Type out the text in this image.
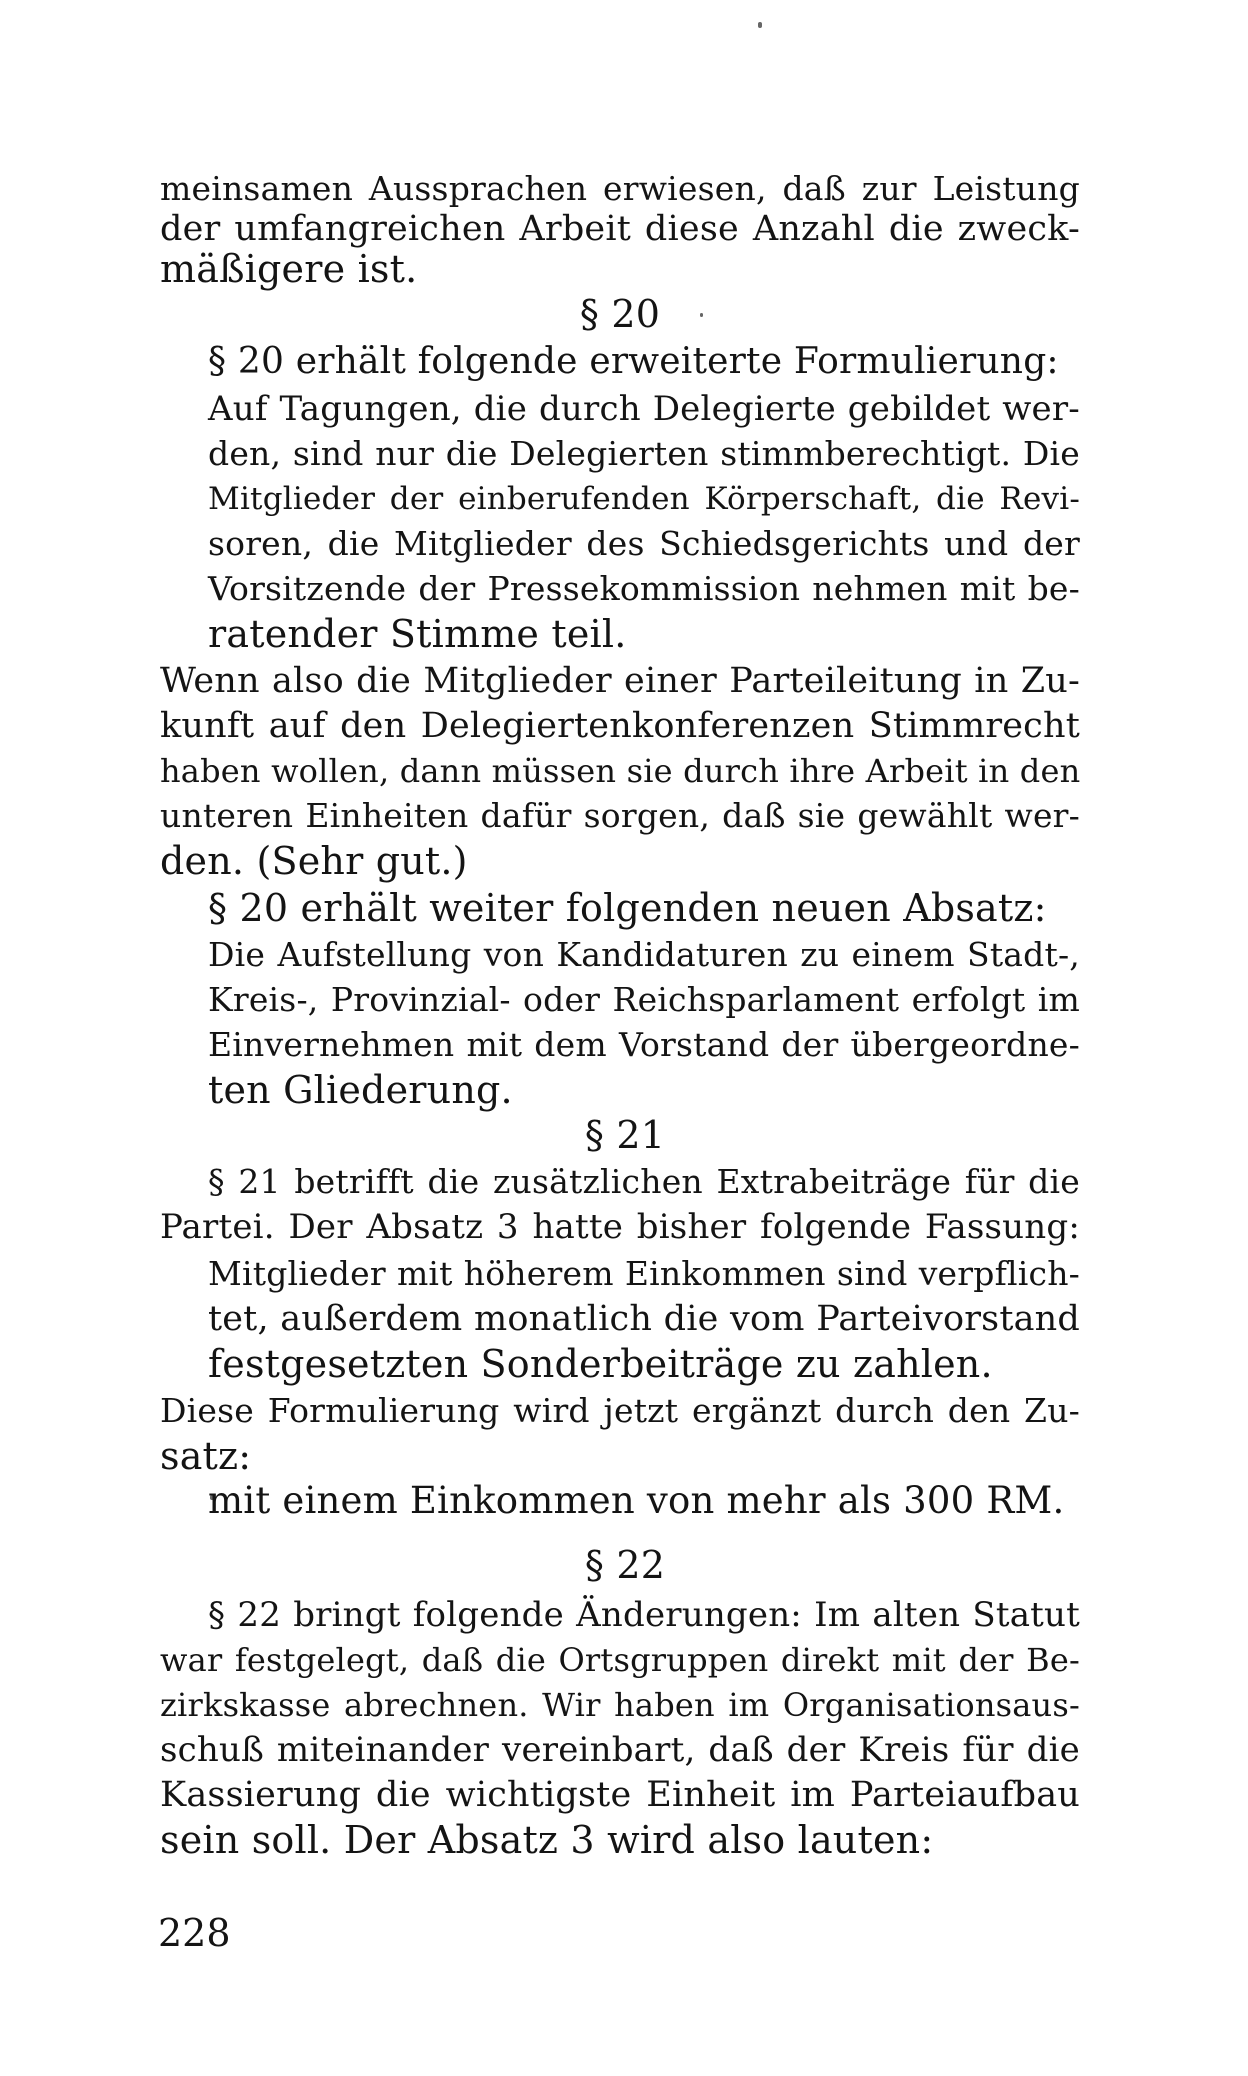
meinsamen Aussprachen erwiesen, daß zur Leistung
der umfangreichen Arbeit diese Anzahl die zweck-
mäßigere ist.
§ 20
§ 20 erhält folgende erweiterte Formulierung:
Auf Tagungen, die durch Delegierte gebildet wer-
den, sind nur die Delegierten stimmberechtigt. Die
Mitglieder der einberufenden Körperschaft, die Revi-
soren, die Mitglieder des Schiedsgerichts und der
Vorsitzende der Pressekommission nehmen mit be-
ratender Stimme teil.
Wenn also die Mitglieder einer Parteileitung in Zu-
kunft auf den Delegiertenkonferenzen Stimmrecht
haben wollen, dann müssen sie durch ihre Arbeit in den
unteren Einheiten dafür sorgen, daß sie gewählt wer-
den. (Sehr gut.)
§ 20 erhält weiter folgenden neuen Absatz:
Die Aufstellung von Kandidaturen zu einem Stadt-,
Kreis-, Provinzial- oder Reichsparlament erfolgt im
Einvernehmen mit dem Vorstand der übergeordne-
ten Gliederung.
§ 21
§ 21 betrifft die zusätzlichen Extrabeiträge für die
Partei. Der Absatz 3 hatte bisher folgende Fassung:
Mitglieder mit höherem Einkommen sind verpflich-
tet, außerdem monatlich die vom Parteivorstand
festgesetzten Sonderbeiträge zu zahlen.
Diese Formulierung wird jetzt ergänzt durch den Zu-
satz:
mit einem Einkommen von mehr als 300 RM.
§ 22
§ 22 bringt folgende Änderungen: Im alten Statut
war festgelegt, daß die Ortsgruppen direkt mit der Be-
zirkskasse abrechnen. Wir haben im Organisationsaus-
schuß miteinander vereinbart, daß der Kreis für die
Kassierung die wichtigste Einheit im Parteiaufbau
sein soll. Der Absatz 3 wird also lauten:
228
